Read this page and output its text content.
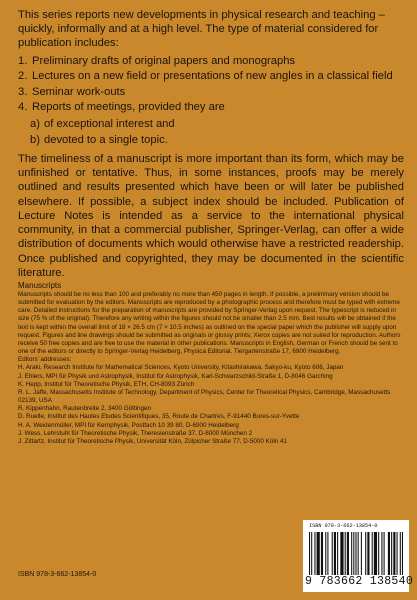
This series reports new developments in physical research and teaching – quickly, informally and at a high level. The type of material considered for publication includes:

1. Preliminary drafts of original papers and monographs
2. Lectures on a new field or presentations of new angles in a classical field
3. Seminar work-outs
4. Reports of meetings, provided they are
a) of exceptional interest and
b) devoted to a single topic.

The timeliness of a manuscript is more important than its form, which may be unfinished or tentative. Thus, in some instances, proofs may be merely outlined and results presented which have been or will later be published elsewhere. If possible, a subject index should be included. Publication of Lecture Notes is intended as a service to the international physical community, in that a commercial publisher, Springer-Verlag, can offer a wide distribution of documents which would otherwise have a restricted readership. Once published and copyrighted, they may be documented in the scientific literature.

Manuscripts

Manuscripts should be no less than 100 and preferably no more than 450 pages in length. If possible, a preliminary version should be submitted for evaluation by the editors. Manuscripts are reproduced by a photographic process and therefore must be typed with extreme care. Detailed instructions for the preparation of manuscripts are provided by Springer-Verlag upon request. The typescript is reduced in size (75 % of the original). Therefore any writing within the figures should not be smaller than 2.5 mm. Best results will be obtained if the text is kept within the overall limit of 18 × 26.5 cm (7 × 10.5 inches) as outlined on the special paper which the publisher will supply upon request. Figures and line drawings should be submitted as originals or glossy prints; Xerox copies are not suited for reproduction. Authors receive 50 free copies and are free to use the material in other publications. Manuscripts in English, German or French should be sent to one of the editors or directly to Springer-Verlag Heidelberg, Physica Editorial, Tiergartenstraße 17, 6900 Heidelberg.

Editors' addresses:

H. Araki, Research Institute for Mathematical Sciences, Kyoto University, Kitashirakawa, Sakyo-ku, Kyoto 606, Japan

J. Ehlers, MPI für Physik und Astrophysik, Institut für Astrophysik, Karl-Schwarzschild-Straße 1, D-8046 Garching

K. Hepp, Institut für Theoretische Physik, ETH, CH-8093 Zürich

R. L. Jaffe, Massachusetts Institute of Technology, Department of Physics, Center for Theoretical Physics, Cambridge, Massachusetts 02139, USA

R. Kippenhahn, Rautenbreite 2, 3400 Göttingen

D. Ruelle, Institut des Hautes Etudes Scientifiques, 35, Route de Chartres, F-91440 Bures-sur-Yvette

H. A. Weidenmüller, MPI für Kernphysik, Postfach 10 39 80, D-6900 Heidelberg

J. Wess, Lehrstuhl für Theoretische Physik, Theresienstraße 37, D-8000 München 2

J. Zittartz, Institut für Theoretische Physik, Universität Köln, Zülpicher Straße 77, D-5000 Köln 41

ISBN 978-3-662-13854-0
ISBN 978-3-662-13854-0
9 783662 138540
